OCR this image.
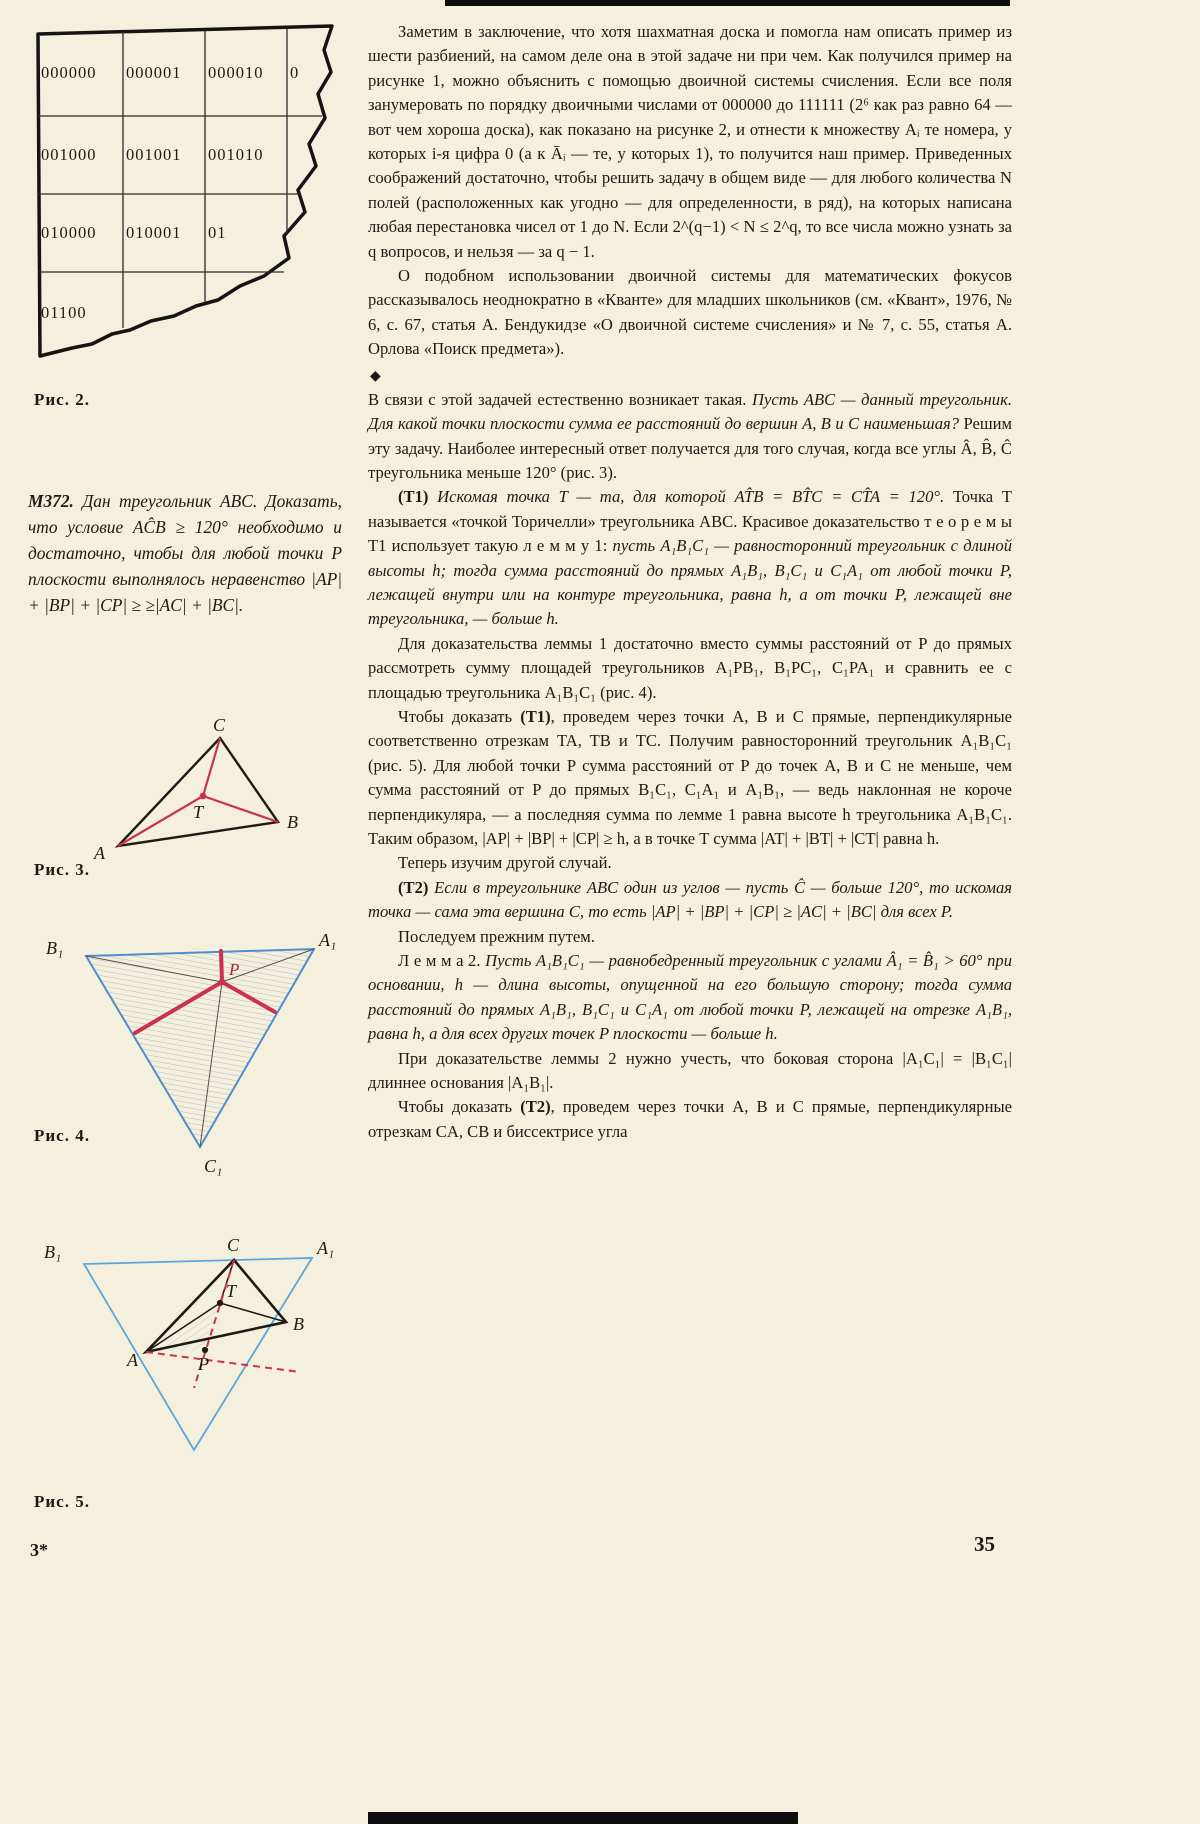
000000 000001 000010 0
001000 001001 001010
010000 010001 01
01100
Рис. 2.

М372. Дан треугольник ABC. Доказать, что условие AĈB ≥ 120° необходимо и достаточно, чтобы для любой точки P плоскости выполнялось неравенство |AP| + |BP| + |CP| ≥ ≥|AC| + |BC|.

A
B
C
T
Рис. 3.
B₁	A₁
C₁
P
Рис. 4.
B₁	A₁
C
A
B
T
P
Рис. 5.
3*	35

Заметим в заключение, что хотя шахматная доска и помогла нам описать пример из шести разбиений, на самом деле она в этой задаче ни при чем. Как получился пример на рисунке 1, можно объяснить с помощью двоичной системы счисления. Если все поля занумеровать по порядку двоичными числами от 000000 до 111111 (2⁶ как раз равно 64 — вот чем хороша доска), как показано на рисунке 2, и отнести к множеству Aᵢ те номера, у которых i-я цифра 0 (а к Āᵢ — те, у которых 1), то получится наш пример. Приведенных соображений достаточно, чтобы решить задачу в общем виде — для любого количества N полей (расположенных как угодно — для определенности, в ряд), на которых написана любая перестановка чисел от 1 до N. Если 2^(q−1) < N ≤ 2^q, то все числа можно узнать за q вопросов, и нельзя — за q − 1.

О подобном использовании двоичной системы для математических фокусов рассказывалось неоднократно в «Кванте» для младших школьников (см. «Квант», 1976, № 6, с. 67, статья А. Бендукидзе «О двоичной системе счисления» и № 7, с. 55, статья А. Орлова «Поиск предмета»).

◆

В связи с этой задачей естественно возникает такая. Пусть ABC — данный треугольник. Для какой точки плоскости сумма ее расстояний до вершин A, B и C наименьшая? Решим эту задачу. Наиболее интересный ответ получается для того случая, когда все углы Â, B̂, Ĉ треугольника меньше 120° (рис. 3).

(Т1) Искомая точка T — та, для которой AT̂B = BT̂C = CT̂A = 120°. Точка T называется «точкой Торичелли» треугольника ABC. Красивое доказательство т е о р е м ы Т1 использует такую л е м м у 1: пусть A₁B₁C₁ — равносторонний треугольник с длиной высоты h; тогда сумма расстояний до прямых A₁B₁, B₁C₁ и C₁A₁ от любой точки P, лежащей внутри или на контуре треугольника, равна h, а от точки P, лежащей вне треугольника, — больше h.

Для доказательства леммы 1 достаточно вместо суммы расстояний от P до прямых рассмотреть сумму площадей треугольников A₁PB₁, B₁PC₁, C₁PA₁ и сравнить ее с площадью треугольника A₁B₁C₁ (рис. 4).

Чтобы доказать (Т1), проведем через точки A, B и C прямые, перпендикулярные соответственно отрезкам TA, TB и TC. Получим равносторонний треугольник A₁B₁C₁ (рис. 5). Для любой точки P сумма расстояний от P до точек A, B и C не меньше, чем сумма расстояний от P до прямых B₁C₁, C₁A₁ и A₁B₁, — ведь наклонная не короче перпендикуляра, — а последняя сумма по лемме 1 равна высоте h треугольника A₁B₁C₁. Таким образом, |AP| + |BP| + |CP| ≥ h, а в точке T сумма |AT| + |BT| + |CT| равна h.

Теперь изучим другой случай.

(Т2) Если в треугольнике ABC один из углов — пусть Ĉ — больше 120°, то искомая точка — сама эта вершина C, то есть |AP| + |BP| + |CP| ≥ |AC| + |BC| для всех P.

Последуем прежним путем.

Л е м м а 2. Пусть A₁B₁C₁ — равнобедренный треугольник с углами Â₁ = B̂₁ > 60° при основании, h — длина высоты, опущенной на его большую сторону; тогда сумма расстояний до прямых A₁B₁, B₁C₁ и C₁A₁ от любой точки P, лежащей на отрезке A₁B₁, равна h, а для всех других точек P плоскости — больше h.

При доказательстве леммы 2 нужно учесть, что боковая сторона |A₁C₁| = |B₁C₁| длиннее основания |A₁B₁|.

Чтобы доказать (Т2), проведем через точки A, B и C прямые, перпендикулярные отрезкам CA, CB и биссектрисе угла
